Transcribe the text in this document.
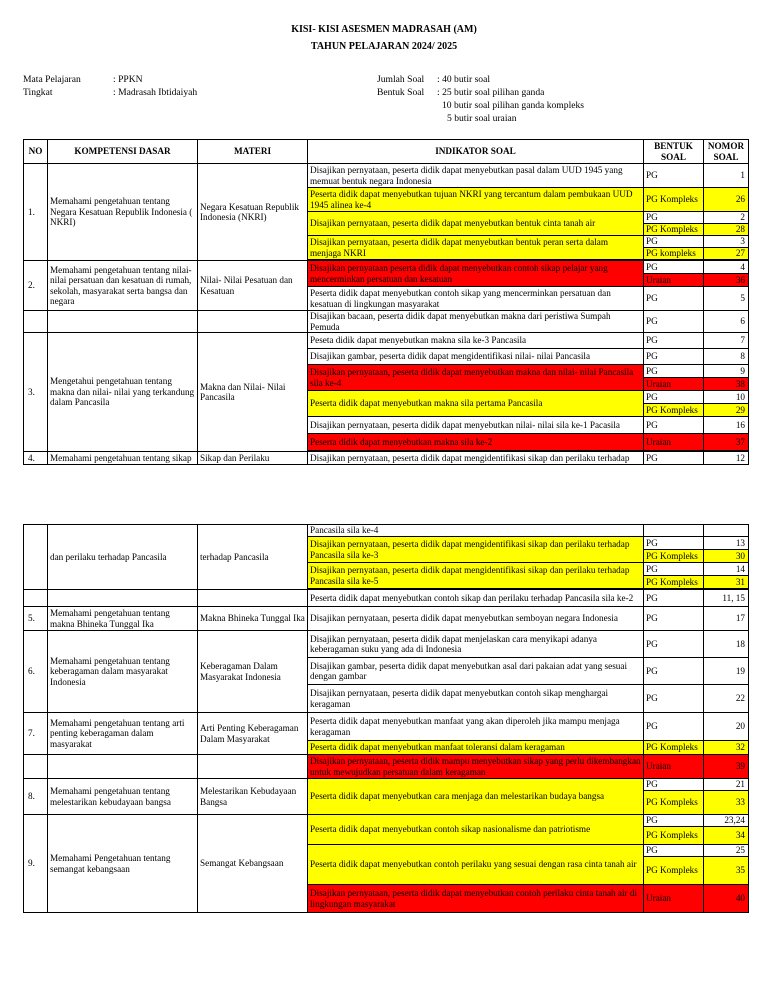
KISI- KISI ASESMEN MADRASAH (AM)
TAHUN PELAJARAN 2024/ 2025
Mata Pelajaran	: PPKN
Tingkat	: Madrasah Ibtidaiyah
Jumlah Soal : 40 butir soal
Bentuk Soal : 25 butir soal pilihan ganda
10 butir soal pilihan ganda kompleks
5 butir soal uraian
NO	KOMPETENSI DASAR	MATERI	INDIKATOR SOAL	BENTUK SOAL	NOMOR SOAL
1.	Memahami pengetahuan tentang Negara Kesatuan Republik Indonesia ( NKRI)	Negara Kesatuan Republik Indonesia (NKRI)	Disajikan pernyataan, peserta didik dapat menyebutkan pasal dalam UUD 1945 yang memuat bentuk negara Indonesia	PG	1
			Peserta didik dapat menyebutkan tujuan NKRI yang tercantum dalam pembukaan UUD 1945 alinea ke-4	PG Kompleks	26
			Disajikan pernyataan, peserta didik dapat menyebutkan bentuk cinta tanah air	PG	2
				PG Kompleks	28
			Disajikan pernyataan, peserta didik dapat menyebutkan bentuk peran serta dalam menjaga NKRI	PG	3
				PG kompleks	27

2.	Memahami pengetahuan tentang nilai-nilai persatuan dan kesatuan di rumah, sekolah, masyarakat serta bangsa dan negara	Nilai- Nilai Pesatuan dan Kesatuan	Disajikan pernyataan peserta didik dapat menyebutkan contoh sikap pelajar yang mencerminkan persatuan dan kesatuan	PG	4
				Uraian	36
			Peserta didik dapat menyebutkan contoh sikap yang mencerminkan persatuan dan kesatuan di lingkungan masyarakat	PG	5
			Disajikan bacaan, peserta didik dapat menyebutkan makna dari peristiwa Sumpah Pemuda	PG	6
3.	Mengetahui pengetahuan tentang makna dan nilai- nilai yang terkandung dalam Pancasila	Makna dan Nilai- Nilai Pancasila	Peseta didik dapat menyebutkan makna sila ke-3 Pancasila	PG	7
			Disajikan gambar, peserta didik dapat mengidentifikasi nilai- nilai Pancasila	PG	8
			Disajikan pernyataan, peserta didik dapat menyebutkan makna dan nilai- nilai Pancasila sila ke-4	PG	9
				Uraian	38
			Peserta didik dapat menyebutkan makna sila pertama Pancasila	PG	10
				PG Kompleks	29
			Disajikan pernyataan, peserta didik dapat menyebutkan nilai- nilai sila ke-1 Pacasila	PG	16
			Peserta didik dapat menyebutkan makna sila ke-2	Uraian	37

4.	Memahami pengetahuan tentang sikap	Sikap dan Perilaku	Disajikan pernyataan, peserta didik dapat mengidentifikasi sikap dan perilaku terhadap	PG	12
	dan perilaku terhadap Pancasila	terhadap Pancasila	Pancasila sila ke-4		
			Disajikan pernyataan, peserta didik dapat mengidentifikasi sikap dan perilaku terhadap Pancasila sila ke-3	PG	13
				PG Kompleks	30
			Disajikan pernyataan, peserta didik dapat mengidentifikasi sikap dan perilaku terhadap Pancasila sila ke-5	PG	14
				PG Kompleks	31

			Peserta didik dapat menyebutkan contoh sikap dan perilaku terhadap Pancasila sila ke-2	PG	11, 15
5.	Memahami pengetahuan tentang makna Bhineka Tunggal Ika	Makna Bhineka Tunggal Ika	Disajikan pernyataan, peserta didik dapat menyebutkan semboyan negara Indonesia	PG	17
6.	Memahami pengetahuan tentang keberagaman dalam masyarakat Indonesia	Keberagaman Dalam Masyarakat Indonesia	Disajikan pernyataan, peserta didik dapat menjelaskan cara menyikapi adanya keberagaman suku yang ada di Indonesia	PG	18
			Disajikan gambar, peserta didik dapat menyebutkan asal dari pakaian adat yang sesuai dengan gambar	PG	19
			Disajikan pernyataan, peserta didik dapat menyebutkan contoh sikap menghargai keragaman	PG	22
7.	Memahami pengetahuan tentang arti penting keberagaman dalam masyarakat	Arti Penting Keberagaman Dalam Masyarakat	Peserta didik dapat menyebutkan manfaat yang akan diperoleh jika mampu menjaga keragaman	PG	20
			Peserta didik dapat menyebutkan manfaat toleransi dalam keragaman	PG Kompleks	32
			Disajikan pernyataan, peserta didik mampu menyebutkan sikap yang perlu dikembangkan untuk mewujudkan persatuan dalam keragaman	Uraian	39
8.	Memahami pengetahuan tentang melestarikan kebudayaan bangsa	Melestarikan Kebudayaan Bangsa	Peserta didik dapat menyebutkan cara menjaga dan melestarikan budaya bangsa	PG	21
				PG Kompleks	33
9.	Memahami Pengetahuan tentang semangat kebangsaan	Semangat Kebangsaan	Peserta didik dapat menyebutkan contoh sikap nasionalisme dan patriotisme	PG	23,24
				PG Kompleks	34
			Peserta didik dapat menyebutkan contoh perilaku yang sesuai dengan rasa cinta tanah air	PG	25
				PG Kompleks	35
			Disajikan pernyataan, peserta didik dapat menyebutkan contoh perilaku cinta tanah air di lingkungan masyarakat	Uraian	40
